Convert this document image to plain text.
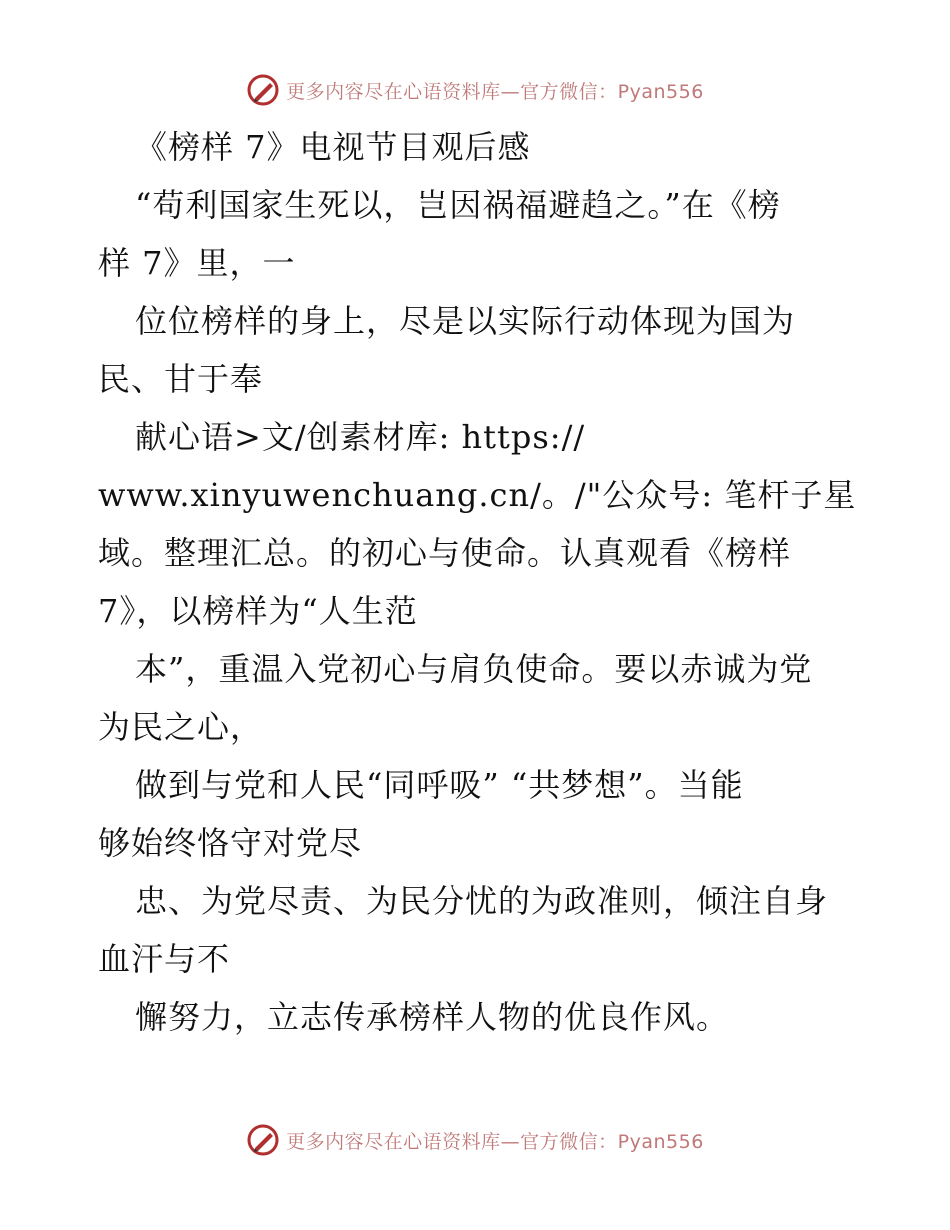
更多内容尽在心语资料库—官方微信：Pyan556
《榜样 7》电视节目观后感
“苟利国家生死以，岂因祸福避趋之。”在《榜
样 7》里，一
位位榜样的身上，尽是以实际行动体现为国为
民、甘于奉
献心语>文/创素材库: https://
www.xinyuwenchuang.cn/。/"公众号: 笔杆子星
域。整理汇总。的初心与使命。认真观看《榜样
7》，以榜样为“人生范
本”，重温入党初心与肩负使命。要以赤诚为党
为民之心，
做到与党和人民“同呼吸” “共梦想”。当能
够始终恪守对党尽
忠、为党尽责、为民分忧的为政准则，倾注自身
血汗与不
懈努力，立志传承榜样人物的优良作风。
更多内容尽在心语资料库—官方微信：Pyan556
